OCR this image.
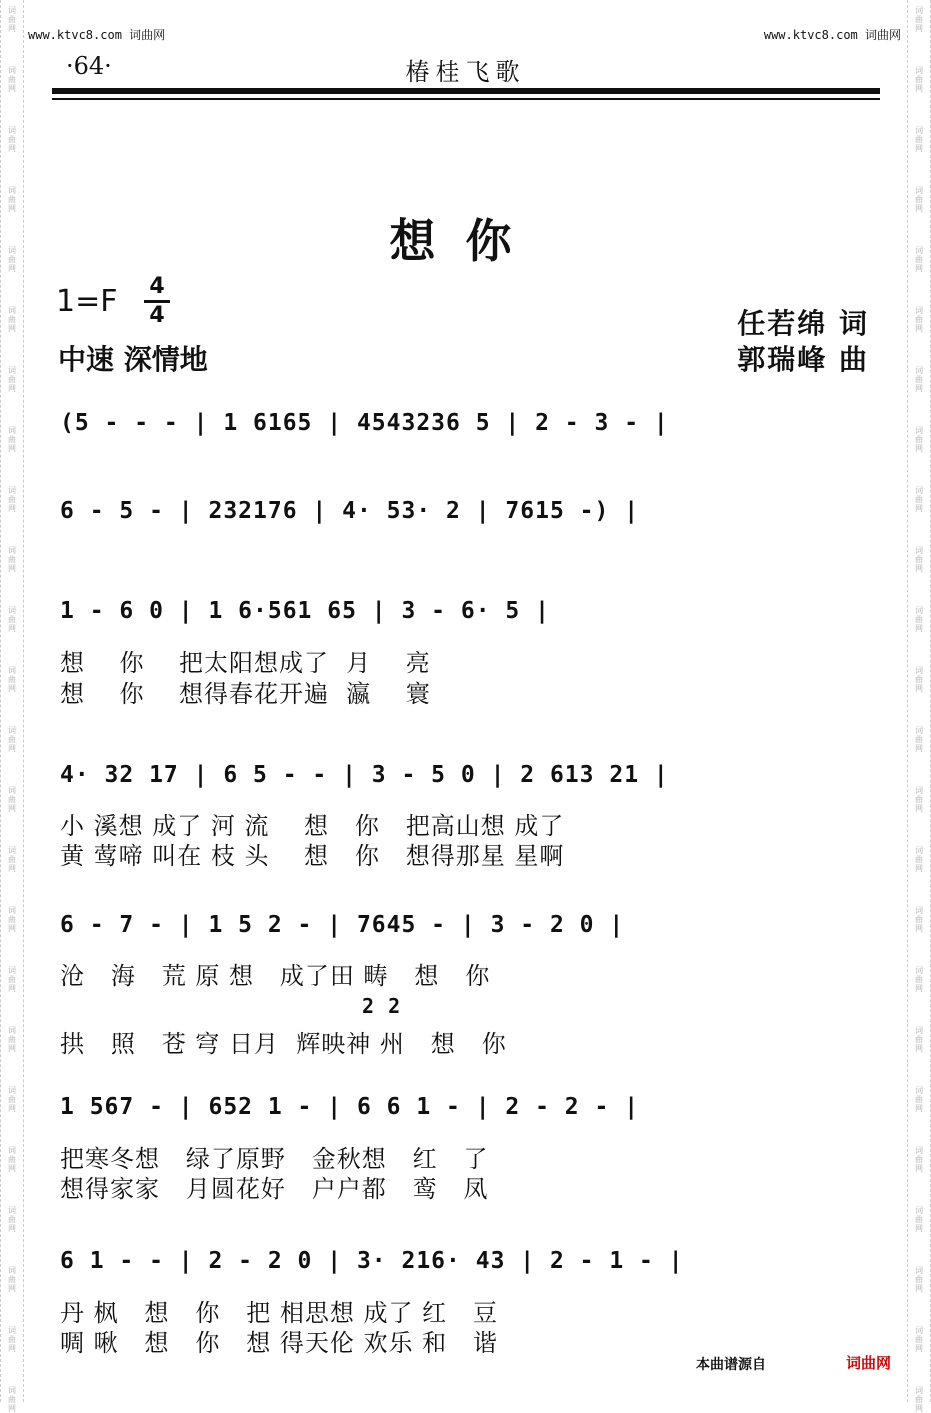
词
曲
网
词
曲
网
词
曲
网
词
曲
网
词
曲
网
词
曲
网
词
曲
网
词
曲
网
词
曲
网
词
曲
网
词
曲
网
词
曲
网
词
曲
网
词
曲
网
词
曲
网
词
曲
网
词
曲
网
词
曲
网
词
曲
网
词
曲
网
词
曲
网
词
曲
网
词
曲
网
词
曲
网
词
曲
网
词
曲
网
词
曲
网
词
曲
网
词
曲
网
词
曲
网
词
曲
网
词
曲
网
词
曲
网
词
曲
网
词
曲
网
词
曲
网
词
曲
网
词
曲
网
词
曲
网
词
曲
网
词
曲
网
词
曲
网
词
曲
网
词
曲
网
词
曲
网
词
曲
网
词
曲
网
词
曲
网
www.ktvc8.com 词曲网	www.ktvc8.com 词曲网
·64·	椿桂飞歌
想你
1=F 4
4
中速 深情地
任若绵 词
郭瑞峰 曲
(5 - - - | 1 6165 | 4543236 5 | 2 - 3 - |
6 - 5 - | 232176 | 4· 53· 2 | 7615 -) |
1 - 6 0 | 1 6·561 65 | 3 - 6· 5 |
想    你    把太阳想成了  月    亮
想    你    想得春花开遍  瀛    寰
4· 32 17 | 6 5 - - | 3 - 5 0 | 2 613 21 |
小 溪想 成了 河 流    想   你   把高山想 成了
黄 莺啼 叫在 枝 头    想   你   想得那星 星啊
6 - 7 - | 1 5 2 - | 7645 - | 3 - 2 0 |
沧   海   荒 原 想   成了田 畴   想   你
2 2
拱   照   苍 穹 日月  辉映神 州   想   你
1 567 - | 652 1 - | 6 6 1 - | 2 - 2 - |
把寒冬想   绿了原野   金秋想   红   了
想得家家   月圆花好   户户都   鸾   凤
6 1 - - | 2 - 2 0 | 3· 216· 43 | 2 - 1 - |
丹 枫   想   你   把 相思想 成了 红   豆
啁 啾   想   你   想 得天伦 欢乐 和   谐
本曲谱源自	词曲网
